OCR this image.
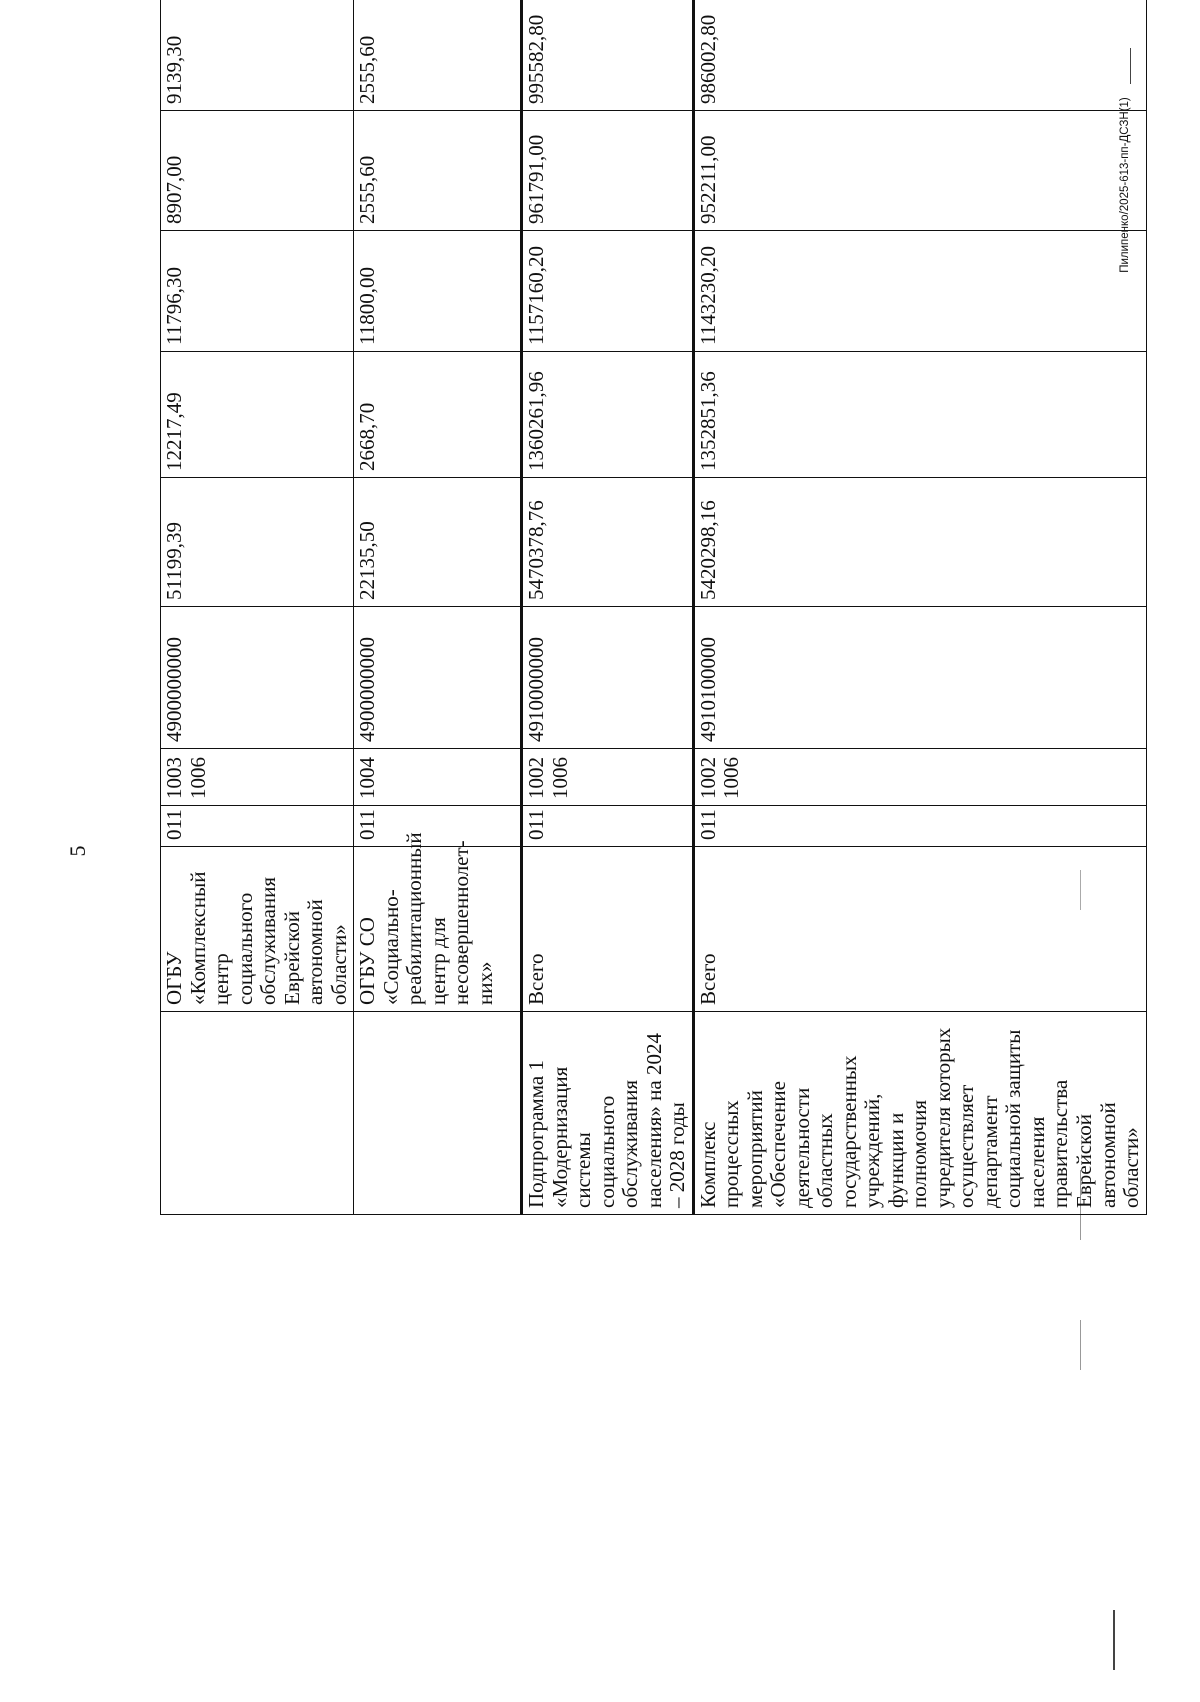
5
Пилипенко/2025-613-пп-ДСЗН(1)

	ОГБУ «Комплексный центр социального обслуживания Еврейской автономной области»	011	1003 1006	4900000000	51199,39	12217,49	11796,30	8907,00	9139,30

	ОГБУ СО «Социально-реабилитационный центр для несовершеннолет-них»	011	1004	4900000000	22135,50	2668,70	11800,00	2555,60	2555,60

Подпрограмма 1 «Модернизация системы социального обслуживания населения» на 2024 – 2028 годы	Всего	011	1002 1006	4910000000	5470378,76	1360261,96	1157160,20	961791,00	995582,80

Комплекс процессных мероприятий «Обеспечение деятельности областных государственных учреждений, функции и полномочия учредителя которых осуществляет департамент социальной защиты населения правительства Еврейской автономной области»	Всего	011	1002 1006	4910100000	5420298,16	1352851,36	1143230,20	952211,00	986002,80
